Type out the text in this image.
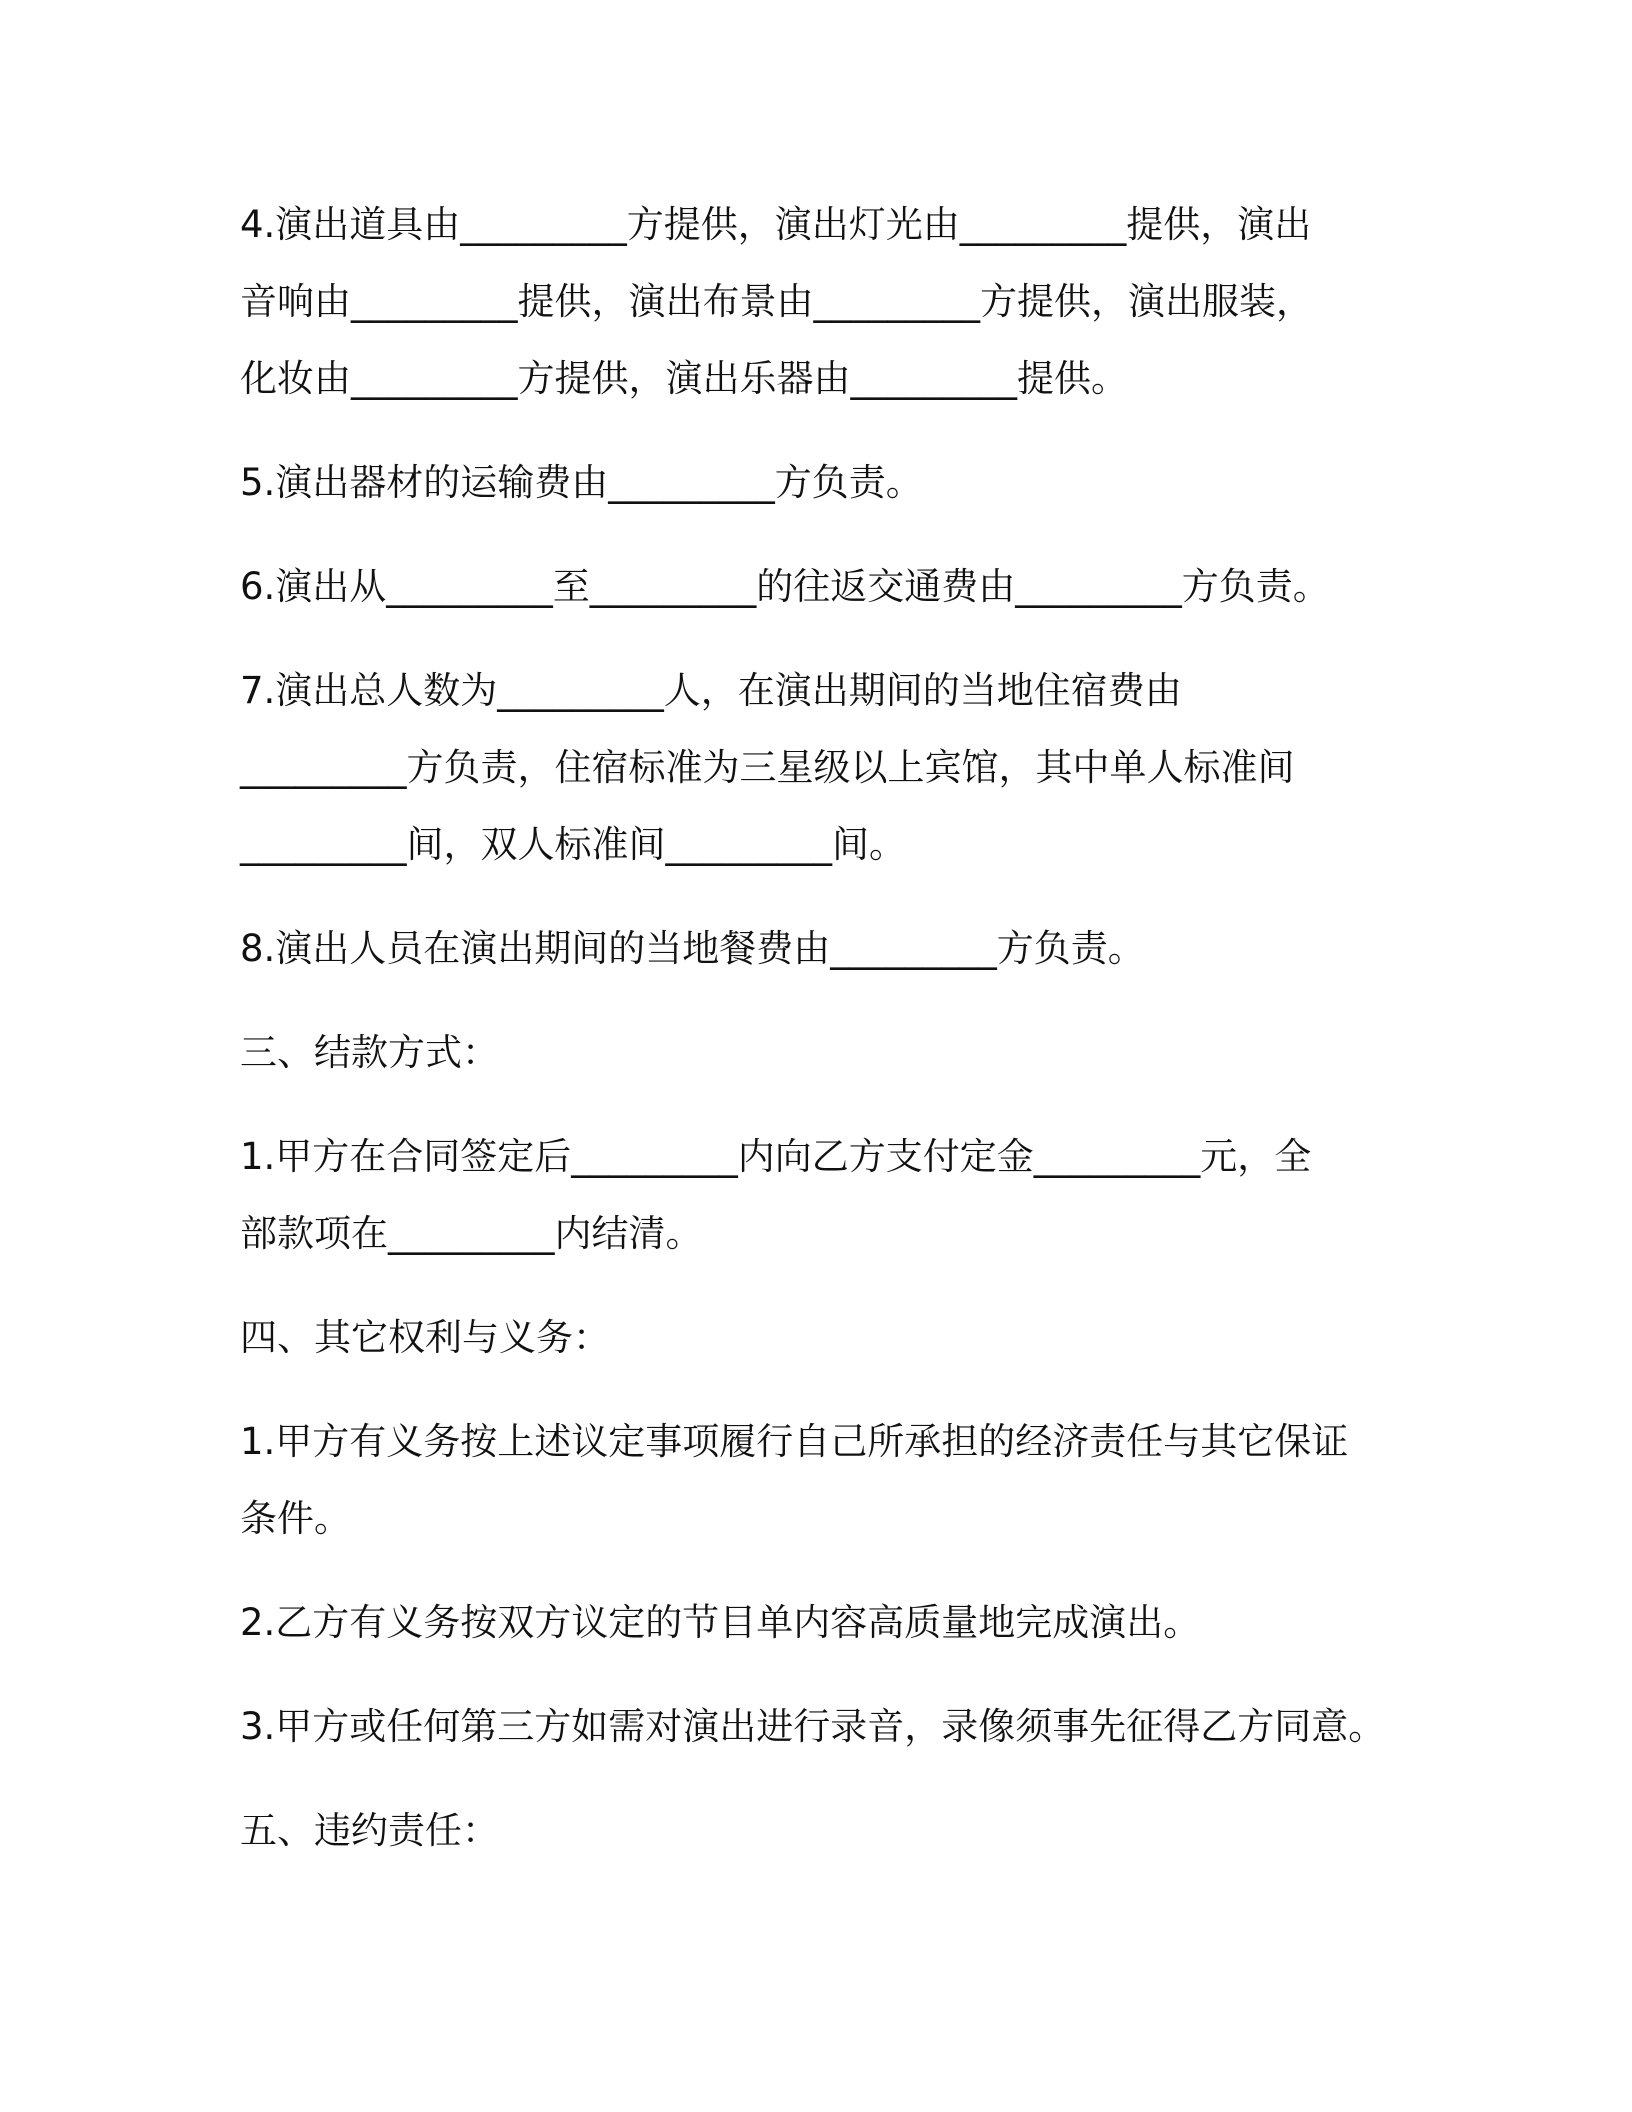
4.演出道具由_________方提供，演出灯光由_________提供，演出
音响由_________提供，演出布景由_________方提供，演出服装，
化妆由_________方提供，演出乐器由_________提供。

5.演出器材的运输费由_________方负责。

6.演出从_________至_________的往返交通费由_________方负责。

7.演出总人数为_________人，在演出期间的当地住宿费由
_________方负责，住宿标准为三星级以上宾馆，其中单人标准间
_________间，双人标准间_________间。

8.演出人员在演出期间的当地餐费由_________方负责。

三、结款方式：

1.甲方在合同签定后_________内向乙方支付定金_________元，全
部款项在_________内结清。

四、其它权利与义务：

1.甲方有义务按上述议定事项履行自己所承担的经济责任与其它保证
条件。

2.乙方有义务按双方议定的节目单内容高质量地完成演出。

3.甲方或任何第三方如需对演出进行录音，录像须事先征得乙方同意。

五、违约责任：
